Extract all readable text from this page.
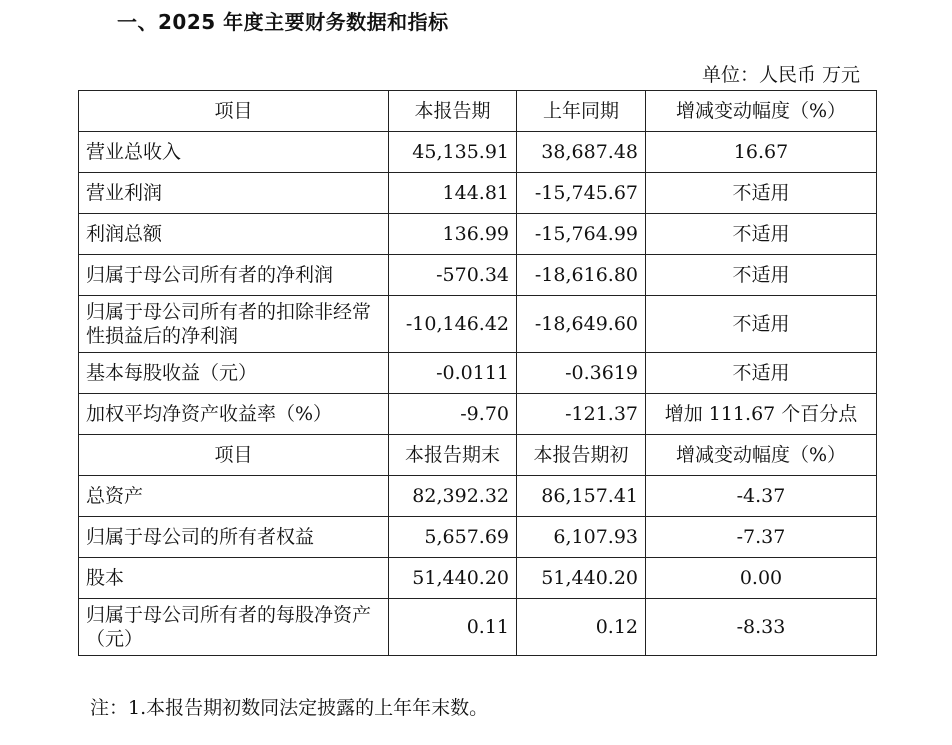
一、2025 年度主要财务数据和指标
单位：人民币 万元
项目	本报告期	上年同期	增减变动幅度（%）
营业总收入	45,135.91	38,687.48	16.67
营业利润	144.81	-15,745.67	不适用
利润总额	136.99	-15,764.99	不适用
归属于母公司所有者的净利润	-570.34	-18,616.80	不适用
归属于母公司所有者的扣除非经常性损益后的净利润	-10,146.42	-18,649.60	不适用
基本每股收益（元）	-0.0111	-0.3619	不适用
加权平均净资产收益率（%）	-9.70	-121.37	增加 111.67 个百分点
项目	本报告期末	本报告期初	增减变动幅度（%）
总资产	82,392.32	86,157.41	-4.37
归属于母公司的所有者权益	5,657.69	6,107.93	-7.37
股本	51,440.20	51,440.20	0.00
归属于母公司所有者的每股净资产（元）	0.11	0.12	-8.33
注：1.本报告期初数同法定披露的上年年末数。
